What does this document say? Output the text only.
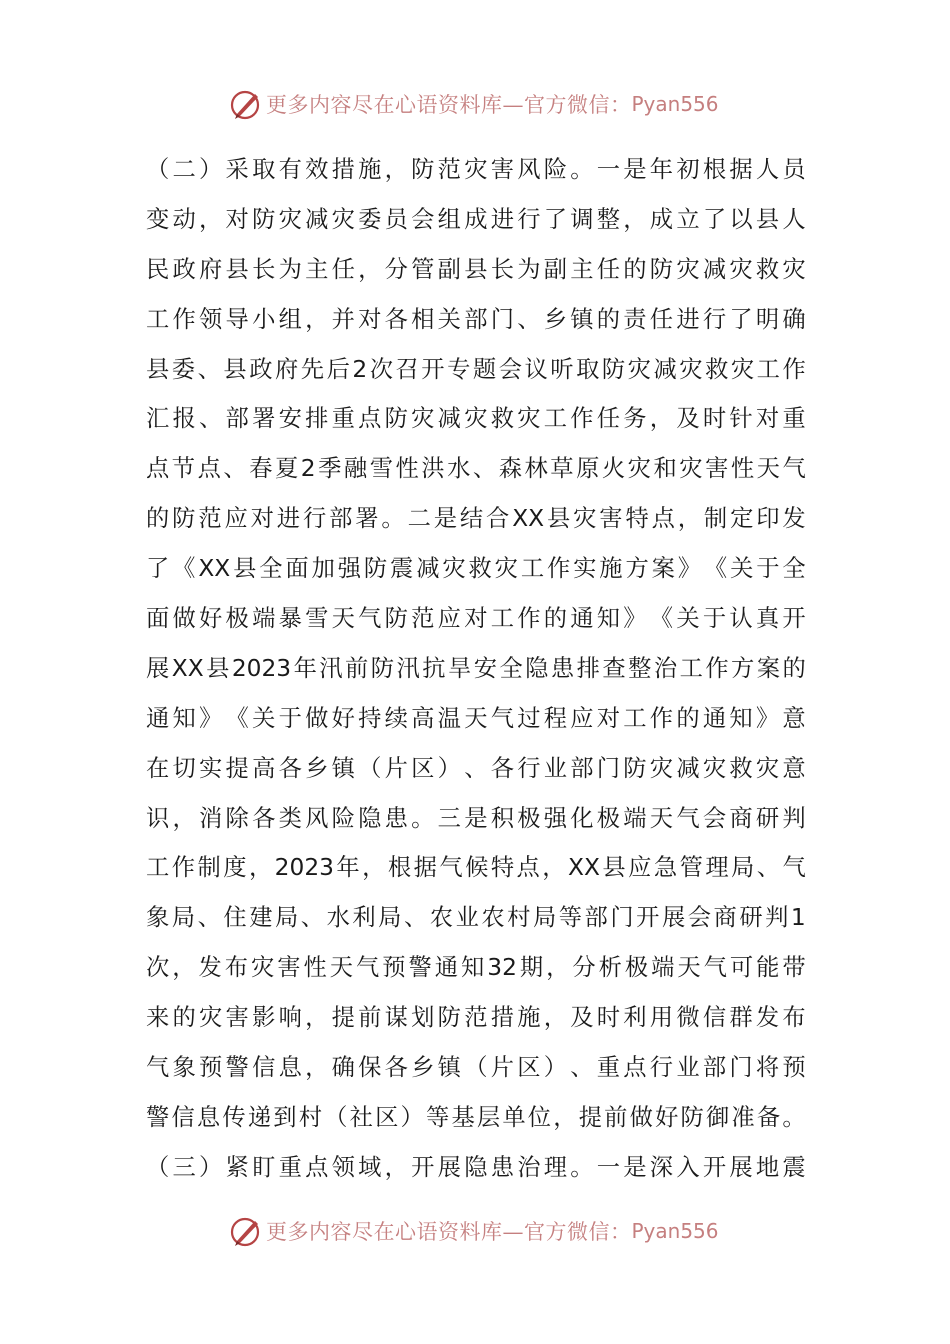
更多内容尽在心语资料库—官方微信： Pyan556
（ 二 ） 采 取 有 效 措 施 ， 防 范 灾 害 风 险 。 一 是 年 初 根 据 人 员
变 动 ， 对 防 灾 减 灾 委 员 会 组 成 进 行 了 调 整 ， 成 立 了 以 县 人
民 政 府 县 长 为 主 任 ， 分 管 副 县 长 为 副 主 任 的 防 灾 减 灾 救 灾
工 作 领 导 小 组 ， 并 对 各 相 关 部 门 、 乡 镇 的 责 任 进 行 了 明 确
县 委 、 县 政 府 先 后 2 次 召 开 专 题 会 议 听 取 防 灾 减 灾 救 灾 工 作
汇 报 、 部 署 安 排 重 点 防 灾 减 灾 救 灾 工 作 任 务 ， 及 时 针 对 重
点 节 点 、 春 夏 2 季 融 雪 性 洪 水 、 森 林 草 原 火 灾 和 灾 害 性 天 气
的 防 范 应 对 进 行 部 署 。 二 是 结 合 XX 县 灾 害 特 点 ， 制 定 印 发
了 《 XX 县 全 面 加 强 防 震 减 灾 救 灾 工 作 实 施 方 案 》 《 关 于 全
面 做 好 极 端 暴 雪 天 气 防 范 应 对 工 作 的 通 知 》 《 关 于 认 真 开
展 XX 县 2023 年 汛 前 防 汛 抗 旱 安 全 隐 患 排 查 整 治 工 作 方 案 的
通 知 》 《 关 于 做 好 持 续 高 温 天 气 过 程 应 对 工 作 的 通 知 》 意
在 切 实 提 高 各 乡 镇 （ 片 区 ） 、 各 行 业 部 门 防 灾 减 灾 救 灾 意
识 ， 消 除 各 类 风 险 隐 患 。 三 是 积 极 强 化 极 端 天 气 会 商 研 判
工 作 制 度 ， 2023 年 ， 根 据 气 候 特 点 ， XX 县 应 急 管 理 局 、 气
象 局 、 住 建 局 、 水 利 局 、 农 业 农 村 局 等 部 门 开 展 会 商 研 判 1
次 ， 发 布 灾 害 性 天 气 预 警 通 知 32 期 ， 分 析 极 端 天 气 可 能 带
来 的 灾 害 影 响 ， 提 前 谋 划 防 范 措 施 ， 及 时 利 用 微 信 群 发 布
气 象 预 警 信 息 ， 确 保 各 乡 镇 （ 片 区 ） 、 重 点 行 业 部 门 将 预
警 信 息 传 递 到 村 （ 社 区 ） 等 基 层 单 位 ， 提 前 做 好 防 御 准 备 。
（ 三 ） 紧 盯 重 点 领 域 ， 开 展 隐 患 治 理 。 一 是 深 入 开 展 地 震
更多内容尽在心语资料库—官方微信： Pyan556
